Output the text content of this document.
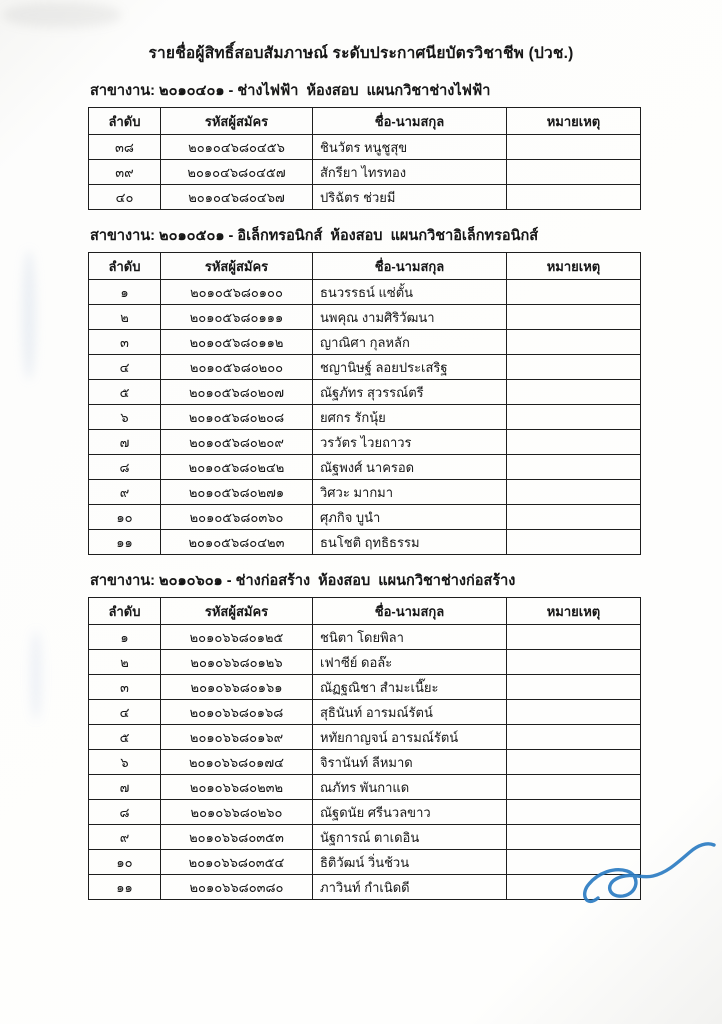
รายชื่อผู้สิทธิ์สอบสัมภาษณ์ ระดับประกาศนียบัตรวิชาชีพ (ปวช.)
สาขางาน: ๒๐๑๐๔๐๑ - ช่างไฟฟ้า  ห้องสอบ  แผนกวิชาช่างไฟฟ้า
ลำดับ	รหัสผู้สมัคร	ชื่อ-นามสกุล	หมายเหตุ
๓๘	๒๐๑๐๔๖๘๐๔๕๖	ชินวัตร หนูชูสุข	
๓๙	๒๐๑๐๔๖๘๐๔๕๗	สักรียา ไทรทอง	
๔๐	๒๐๑๐๔๖๘๐๔๖๗	ปริฉัตร ช่วยมี	
สาขางาน: ๒๐๑๐๕๐๑ - อิเล็กทรอนิกส์  ห้องสอบ  แผนกวิชาอิเล็กทรอนิกส์
ลำดับ	รหัสผู้สมัคร	ชื่อ-นามสกุล	หมายเหตุ
๑	๒๐๑๐๕๖๘๐๑๐๐	ธนวรรธน์ แซ่ตั้น	
๒	๒๐๑๐๕๖๘๐๑๑๑	นพคุณ งามศิริวัฒนา	
๓	๒๐๑๐๕๖๘๐๑๑๒	ญาณิศา กุลหลัก	
๔	๒๐๑๐๕๖๘๐๒๐๐	ชญานิษฐ์ ลอยประเสริฐ	
๕	๒๐๑๐๕๖๘๐๒๐๗	ณัฐภัทร สุวรรณ์ตรี	
๖	๒๐๑๐๕๖๘๐๒๐๘	ยศกร รักนุ้ย	
๗	๒๐๑๐๕๖๘๐๒๐๙	วรวัตร ไวยถาวร	
๘	๒๐๑๐๕๖๘๐๒๔๒	ณัฐพงศ์ นาครอด	
๙	๒๐๑๐๕๖๘๐๒๗๑	วิศวะ มากมา	
๑๐	๒๐๑๐๕๖๘๐๓๖๐	ศุภกิจ บูนำ	
๑๑	๒๐๑๐๕๖๘๐๔๒๓	ธนโชติ ฤทธิธรรม	
สาขางาน: ๒๐๑๐๖๐๑ - ช่างก่อสร้าง  ห้องสอบ  แผนกวิชาช่างก่อสร้าง
ลำดับ	รหัสผู้สมัคร	ชื่อ-นามสกุล	หมายเหตุ
๑	๒๐๑๐๖๖๘๐๑๒๕	ชนิตา โดยพิลา	
๒	๒๐๑๐๖๖๘๐๑๒๖	เฟาซีย์ ดอล๊ะ	
๓	๒๐๑๐๖๖๘๐๑๖๑	ณัฏฐณิชา สำมะเนี๊ยะ	
๔	๒๐๑๐๖๖๘๐๑๖๘	สุธินันท์ อารมณ์รัตน์	
๕	๒๐๑๐๖๖๘๐๑๖๙	หทัยกาญจน์ อารมณ์รัตน์	
๖	๒๐๑๐๖๖๘๐๑๗๔	จิรานันท์ ลีหมาด	
๗	๒๐๑๐๖๖๘๐๒๓๒	ณภัทร พันกาแด	
๘	๒๐๑๐๖๖๘๐๒๖๐	ณัฐดนัย ศรีนวลขาว	
๙	๒๐๑๐๖๖๘๐๓๕๓	นัฐการณ์ ตาเดอิน	
๑๐	๒๐๑๐๖๖๘๐๓๕๔	ธิติวัฒน์ วิ่นช้วน	
๑๑	๒๐๑๐๖๖๘๐๓๘๐	ภาวินท์ กำเนิดดี	
